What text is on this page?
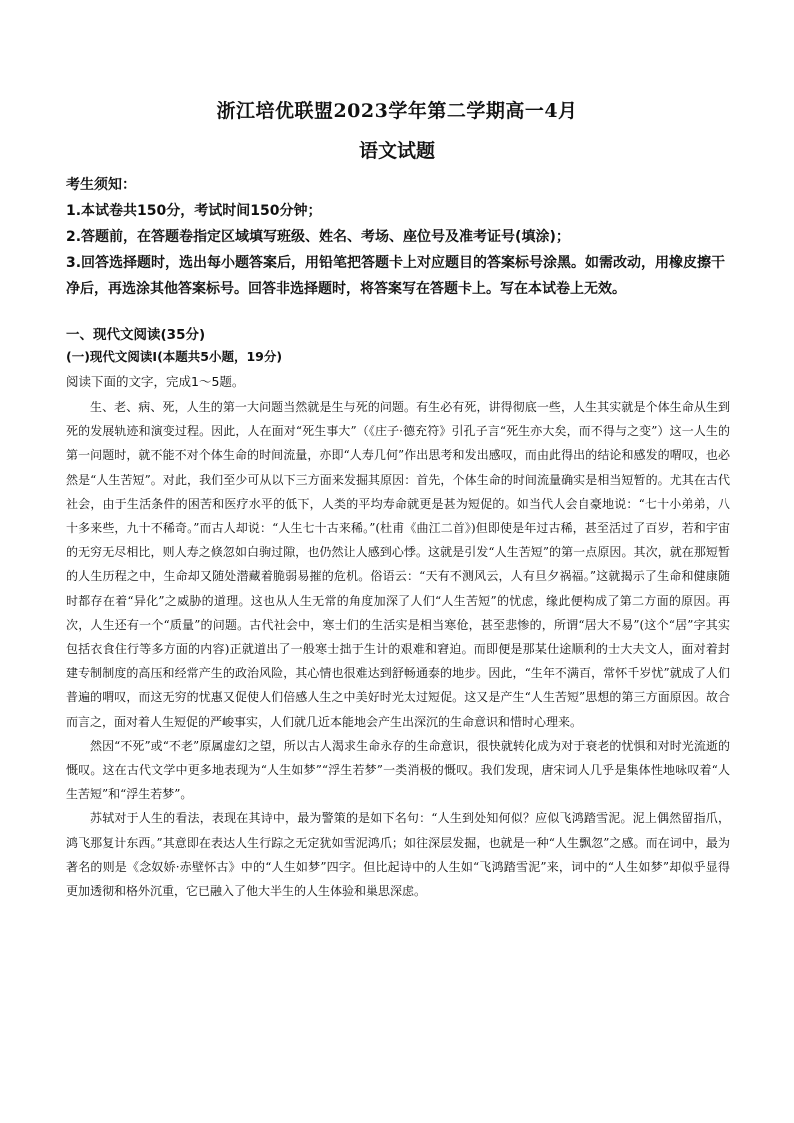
浙江培优联盟2023学年第二学期高一4月
语文试题

考生须知：

1.本试卷共150分，考试时间150分钟；

2.答题前，在答题卷指定区域填写班级、姓名、考场、座位号及准考证号(填涂)；

3.回答选择题时，选出每小题答案后，用铅笔把答题卡上对应题目的答案标号涂黑。如需改动，用橡皮擦干净后，再选涂其他答案标号。回答非选择题时，将答案写在答题卡上。写在本试卷上无效。

一、现代文阅读(35分)
(一)现代文阅读Ⅰ(本题共5小题，19分)
阅读下面的文字，完成1～5题。

生、老、病、死，人生的第一大问题当然就是生与死的问题。有生必有死，讲得彻底一些，人生其实就是个体生命从生到死的发展轨迹和演变过程。因此，人在面对“死生事大”（《庄子·德充符》引孔子言“死生亦大矣，而不得与之变”）这一人生的第一问题时，就不能不对个体生命的时间流量，亦即“人寿几何”作出思考和发出感叹，而由此得出的结论和感发的喟叹，也必然是“人生苦短”。对此，我们至少可从以下三方面来发掘其原因：首先，个体生命的时间流量确实是相当短暂的。尤其在古代社会，由于生活条件的困苦和医疗水平的低下，人类的平均寿命就更是甚为短促的。如当代人会自豪地说：“七十小弟弟，八十多来些，九十不稀奇。”而古人却说：“人生七十古来稀。”(杜甫《曲江二首》)但即使是年过古稀，甚至活过了百岁，若和宇宙的无穷无尽相比，则人寿之倏忽如白驹过隙，也仍然让人感到心悸。这就是引发“人生苦短”的第一点原因。其次，就在那短暂的人生历程之中，生命却又随处潜藏着脆弱易摧的危机。俗语云：“天有不测风云，人有旦夕祸福。”这就揭示了生命和健康随时都存在着“异化”之威胁的道理。这也从人生无常的角度加深了人们“人生苦短”的忧虑，缘此便构成了第二方面的原因。再次，人生还有一个“质量”的问题。古代社会中，寒士们的生活实是相当寒伧，甚至悲惨的，所谓“居大不易”(这个“居”字其实包括衣食住行等多方面的内容)正就道出了一般寒士拙于生计的艰难和窘迫。而即便是那某仕途顺利的士大夫文人，面对着封建专制制度的高压和经常产生的政治风险，其心情也很难达到舒畅通泰的地步。因此，“生年不满百，常怀千岁忧”就成了人们普遍的喟叹，而这无穷的忧惠又促使人们倍感人生之中美好时光太过短促。这又是产生“人生苦短”思想的第三方面原因。故合而言之，面对着人生短促的严峻事实，人们就几近本能地会产生出深沉的生命意识和惜时心理来。

然因“不死”或“不老”原属虚幻之望，所以古人渴求生命永存的生命意识，很快就转化成为对于衰老的忧惧和对时光流逝的慨叹。这在古代文学中更多地表现为“人生如梦”“浮生若梦”一类消极的慨叹。我们发现，唐宋词人几乎是集体性地咏叹着“人生苦短”和“浮生若梦”。

苏轼对于人生的看法，表现在其诗中，最为警策的是如下名句：“人生到处知何似？应似飞鸿踏雪泥。泥上偶然留指爪，鸿飞那复计东西。”其意即在表达人生行踪之无定犹如雪泥鸿爪；如往深层发掘，也就是一种“人生飘忽”之感。而在词中，最为著名的则是《念奴娇·赤壁怀古》中的“人生如梦”四字。但比起诗中的人生如“飞鸿踏雪泥”来，词中的“人生如梦”却似乎显得更加透彻和格外沉重，它已融入了他大半生的人生体验和巢思深虑。
